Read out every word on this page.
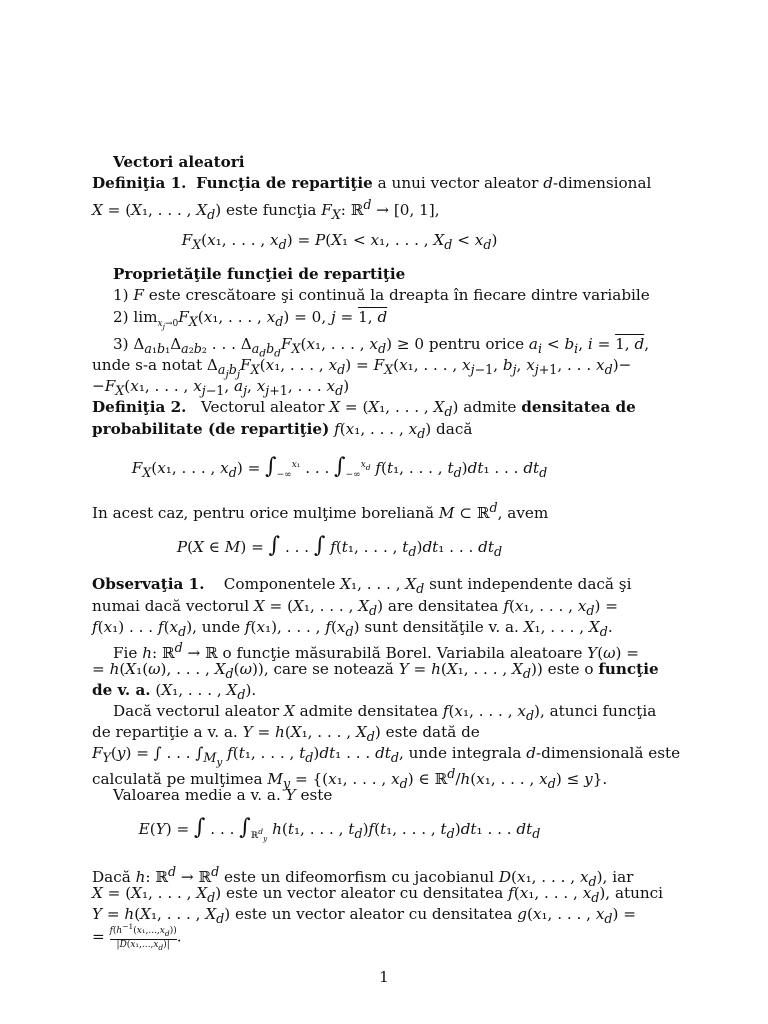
Vectori aleatori
Definiţia 1. Funcţia de repartiţie a unui vector aleator d-dimensional
X = (X₁, . . . , $X_d$) este funcţia $F_X$: ℝ$^d$ → [0, 1],
$F_X(x_1$, . . . , $x_d) = P(X_1 < x_1$, . . . , $X_d < x_d$)
Proprietăţile funcţiei de repartiţie
1) F este crescătoare şi continuă la dreapta în fiecare dintre variabile
2) $\lim_{x_j\to 0}F_X(x_1$, . . . , $x_d) = 0$, j = 1, d
3) $\Delta_{a_1b_1}\Delta_{a_2b_2}$ . . . $\Delta_{a_db_d}F_X(x_1$, . . . , $x_d) \ge 0$ pentru orice $a_i < b_i$, i = 1, d,
unde s-a notat $\Delta_{a_jb_j}F_X(x_1$, . . . , $x_d) = F_X(x_1$, . . . , $x_{j-1}$, $b_j$, $x_{j+1}$, . . . $x_d)-$
$-F_X(x_1$, . . . , $x_{j-1}$, $a_j$, $x_{j+1}$, . . . $x_d$)
Definiţia 2.   Vectorul aleator X = (X₁, . . . , $X_d$) admite densitatea de
probabilitate (de repartiţie) f(x₁, . . . , $x_d$) dacă
$F_X(x_1$, . . . , $x_d) = \int_{-\infty}^{x_1}$ . . . $\int_{-\infty}^{x_d}$ f(t₁, . . . , $t_d)dt_1$ . . . $dt_d$
In acest caz, pentru orice mulţime boreliană M ⊂ ℝ$^d$, avem
P(X ∈ M) = ∫ . . . ∫ f(t₁, . . . , $t_d)dt_1$ . . . $dt_d$
Observaţia 1.    Componentele X₁, . . . , $X_d$ sunt independente dacă şi
numai dacă vectorul X = (X₁, . . . , $X_d$) are densitatea f(x₁, . . . , $x_d$) =
f(x₁) . . . $f(x_d)$, unde f(x₁), . . . , $f(x_d)$ sunt densităţile v. a. X₁, . . . , $X_d$.
Fie h: ℝ$^d$ → ℝ o funcţie măsurabilă Borel. Variabila aleatoare Y(ω) =
= h(X₁(ω), . . . , $X_d(\omega)$), care se notează Y = h(X₁, . . . , $X_d$)) este o funcţie
de v. a. (X₁, . . . , $X_d$).
Dacă vectorul aleator X admite densitatea f(x₁, . . . , $x_d$), atunci funcţia
de repartiţie a v. a. Y = h(X₁, . . . , $X_d$) este dată de
$F_Y(y)$ = ∫ . . . $\int_{M_y}$ f(t₁, . . . , $t_d)dt_1$ . . . $dt_d$, unde integrala d-dimensională este
calculată pe mulţimea $M_y = \{(x_1$, . . . , $x_d$) ∈ ℝ$^d$/h(x₁, . . . , $x_d) \le y$}.
Valoarea medie a v. a. Y este
E(Y) = ∫ . . . $\int_{ℝ^d_y}$ h(t₁, . . . , $t_d)f(t_1$, . . . , $t_d)dt_1$ . . . $dt_d$
Dacă h: ℝ$^d$ → ℝ$^d$ este un difeomorfism cu jacobianul D(x₁, . . . , $x_d$), iar
X = (X₁, . . . , $X_d$) este un vector aleator cu densitatea f(x₁, . . . , $x_d$), atunci
Y = h(X₁, . . . , $X_d$) este un vector aleator cu densitatea g(x₁, . . . , $x_d$) =
= $\frac{f(h^{-1}(x_1,...,x_d))}{|D(x_1,...,x_d)|}$ .
1
